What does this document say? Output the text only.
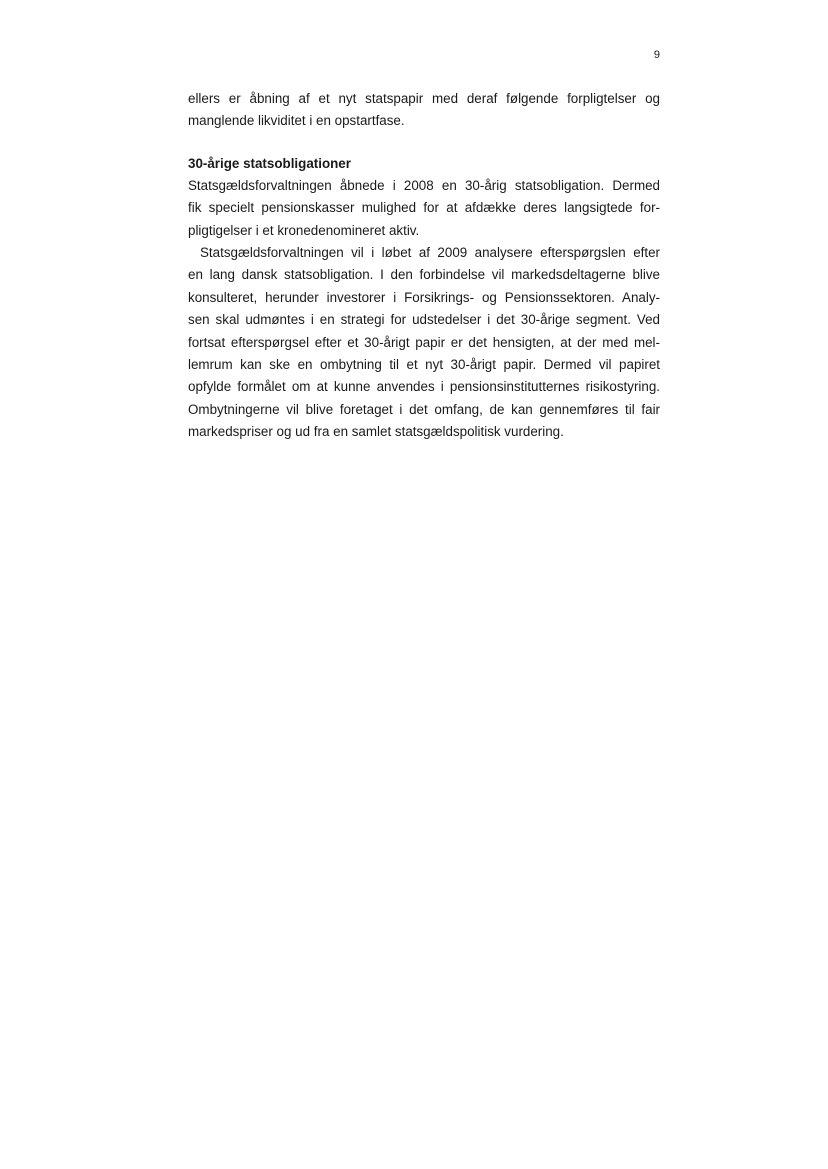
9

ellers er åbning af et nyt statspapir med deraf følgende forpligtelser og
manglende likviditet i en opstartfase.

30-årige statsobligationer

Statsgældsforvaltningen åbnede i 2008 en 30-årig statsobligation. Dermed
fik specielt pensionskasser mulighed for at afdække deres langsigtede for-
pligtigelser i et kronedenomineret aktiv.

Statsgældsforvaltningen vil i løbet af 2009 analysere efterspørgslen efter
en lang dansk statsobligation. I den forbindelse vil markedsdeltagerne blive
konsulteret, herunder investorer i Forsikrings- og Pensionssektoren. Analy-
sen skal udmøntes i en strategi for udstedelser i det 30-årige segment. Ved
fortsat efterspørgsel efter et 30-årigt papir er det hensigten, at der med mel-
lemrum kan ske en ombytning til et nyt 30-årigt papir. Dermed vil papiret
opfylde formålet om at kunne anvendes i pensionsinstitutternes risikostyring.
Ombytningerne vil blive foretaget i det omfang, de kan gennemføres til fair
markedspriser og ud fra en samlet statsgældspolitisk vurdering.
